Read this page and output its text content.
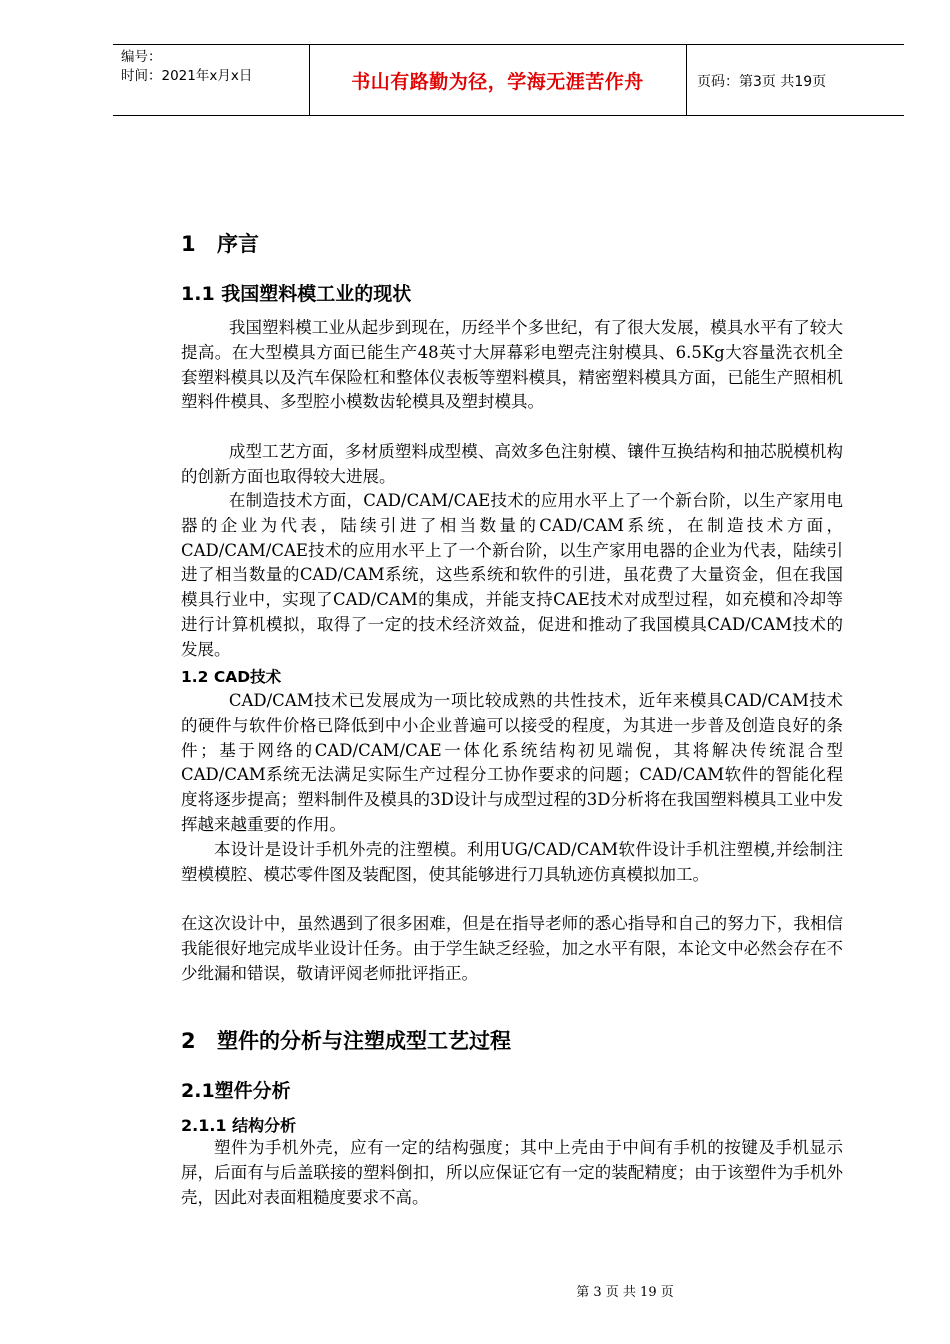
编号：
时间：2021年x月x日	书山有路勤为径，学海无涯苦作舟	页码：第3页 共19页
1 序言
1.1 我国塑料模工业的现状
我国塑料模工业从起步到现在，历经半个多世纪，有了很大发展，模具水平有了较大提高。在大型模具方面已能生产48英寸大屏幕彩电塑壳注射模具、6.5Kg大容量洗衣机全套塑料模具以及汽车保险杠和整体仪表板等塑料模具，精密塑料模具方面，已能生产照相机塑料件模具、多型腔小模数齿轮模具及塑封模具。
成型工艺方面，多材质塑料成型模、高效多色注射模、镶件互换结构和抽芯脱模机构的创新方面也取得较大进展。
在制造技术方面，CAD/CAM/CAE技术的应用水平上了一个新台阶，以生产家用电器的企业为代表，陆续引进了相当数量的CAD/CAM系统，在制造技术方面，CAD/CAM/CAE技术的应用水平上了一个新台阶，以生产家用电器的企业为代表，陆续引进了相当数量的CAD/CAM系统，这些系统和软件的引进，虽花费了大量资金，但在我国模具行业中，实现了CAD/CAM的集成，并能支持CAE技术对成型过程，如充模和冷却等进行计算机模拟，取得了一定的技术经济效益，促进和推动了我国模具CAD/CAM技术的发展。
1.2 CAD技术
CAD/CAM技术已发展成为一项比较成熟的共性技术，近年来模具CAD/CAM技术的硬件与软件价格已降低到中小企业普遍可以接受的程度，为其进一步普及创造良好的条件；基于网络的CAD/CAM/CAE一体化系统结构初见端倪，其将解决传统混合型CAD/CAM系统无法满足实际生产过程分工协作要求的问题；CAD/CAM软件的智能化程度将逐步提高；塑料制件及模具的3D设计与成型过程的3D分析将在我国塑料模具工业中发挥越来越重要的作用。
本设计是设计手机外壳的注塑模。利用UG/CAD/CAM软件设计手机注塑模,并绘制注塑模模腔、模芯零件图及装配图，使其能够进行刀具轨迹仿真模拟加工。
在这次设计中，虽然遇到了很多困难，但是在指导老师的悉心指导和自己的努力下，我相信我能很好地完成毕业设计任务。由于学生缺乏经验，加之水平有限，本论文中必然会存在不少纰漏和错误，敬请评阅老师批评指正。
2 塑件的分析与注塑成型工艺过程
2.1塑件分析
2.1.1 结构分析
塑件为手机外壳，应有一定的结构强度；其中上壳由于中间有手机的按键及手机显示屏，后面有与后盖联接的塑料倒扣，所以应保证它有一定的装配精度；由于该塑件为手机外壳，因此对表面粗糙度要求不高。
第 3 页 共 19 页
